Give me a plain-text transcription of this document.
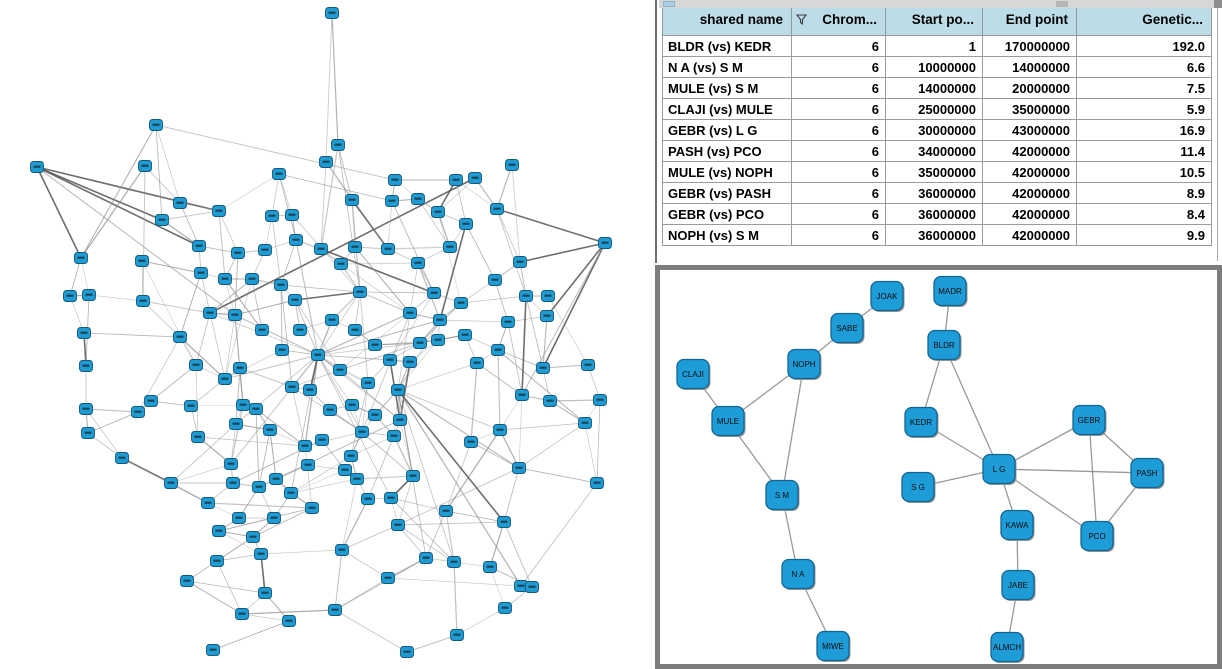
shared name	Chrom...	Start po...	End point	Genetic...

BLDR (vs) KEDR	6	1	170000000	192.0
N A (vs) S M	6	10000000	14000000	6.6
MULE (vs) S M	6	14000000	20000000	7.5
CLAJI (vs) MULE	6	25000000	35000000	5.9
GEBR (vs) L G	6	30000000	43000000	16.9
PASH (vs) PCO	6	34000000	42000000	11.4
MULE (vs) NOPH	6	35000000	42000000	10.5
GEBR (vs) PASH	6	36000000	42000000	8.9
GEBR (vs) PCO	6	36000000	42000000	8.4
NOPH (vs) S M	6	36000000	42000000	9.9
JOAK
MADR
SABE
BLDR
NOPH
CLAJI
KEDR	GEBR
MULE
L G	PASH
S G
S M
KAWA
PCO
N A
JABE
MIWE	ALMCH
